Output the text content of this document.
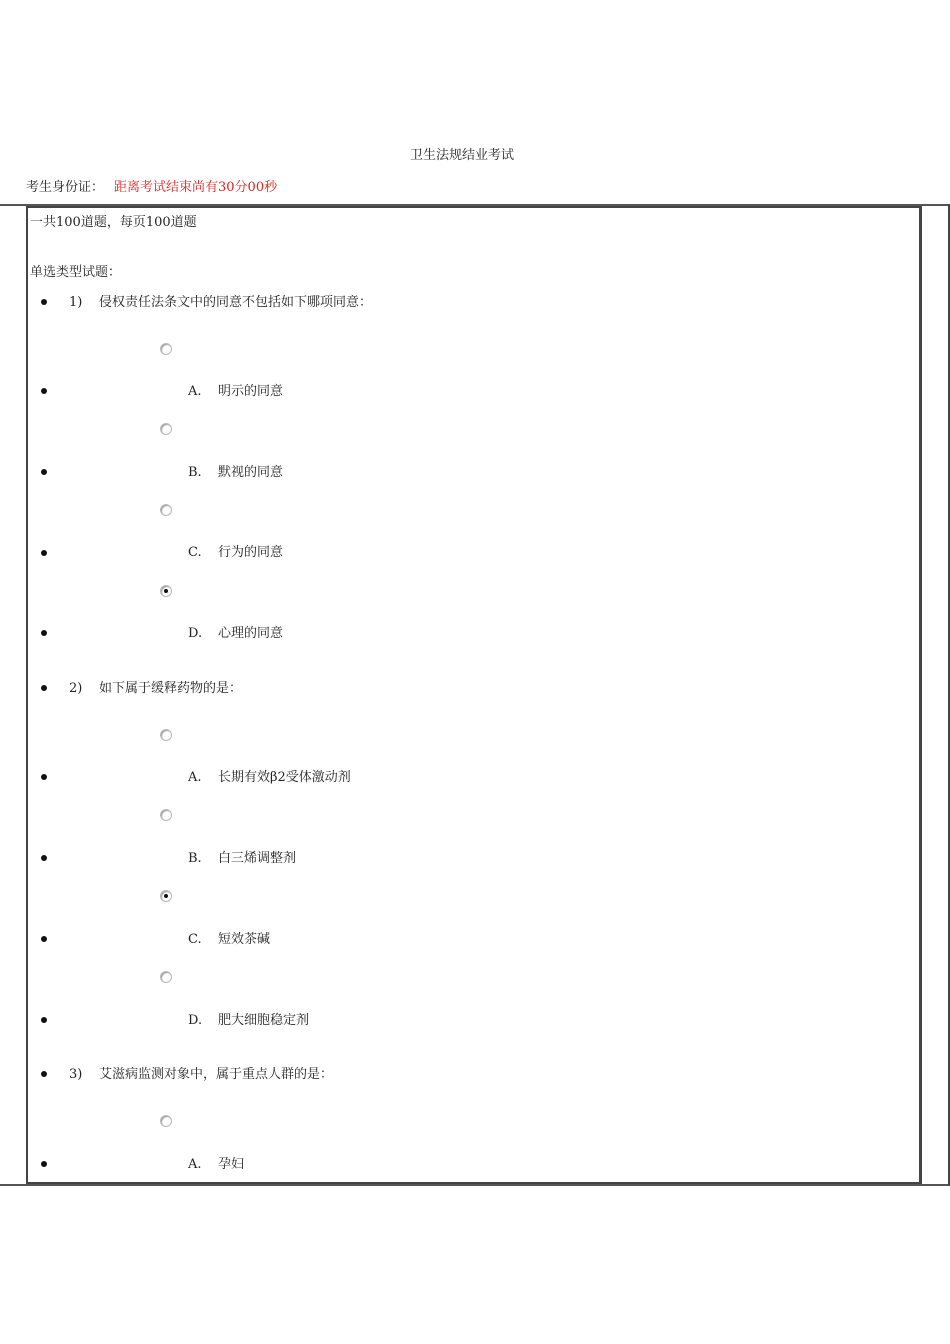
卫生法规结业考试
考生身份证： 距离考试结束尚有30分00秒
一共100道题，每页100道题
单选类型试题：
1) 侵权责任法条文中的同意不包括如下哪项同意：
A. 明示的同意
B. 默视的同意
C. 行为的同意
D. 心理的同意
2) 如下属于缓释药物的是：
A. 长期有效β2受体激动剂
B. 白三烯调整剂
C. 短效茶碱
D. 肥大细胞稳定剂
3) 艾滋病监测对象中，属于重点人群的是：
A. 孕妇
